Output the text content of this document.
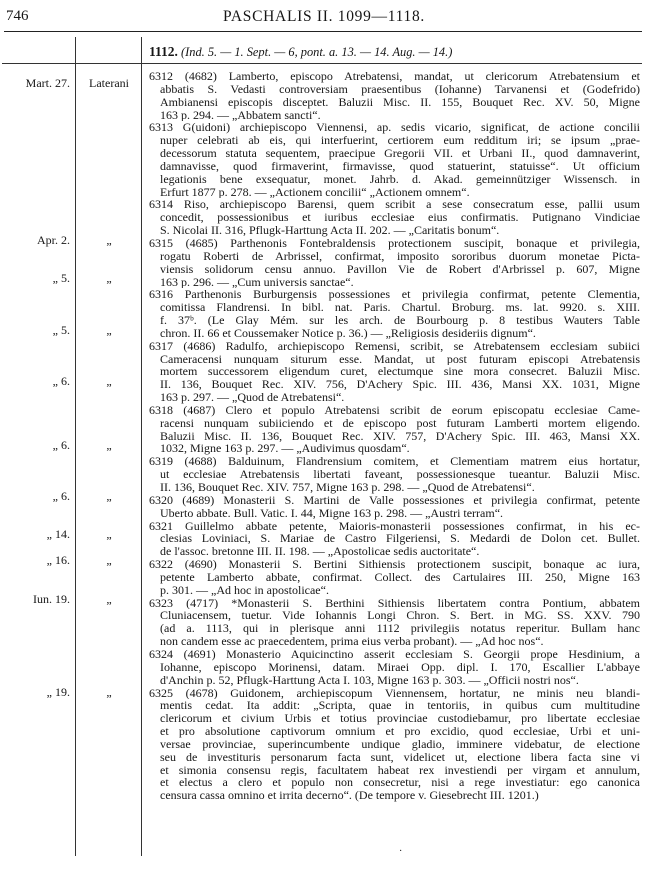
746	PASCHALIS II. 1099—1118.
1112. (Ind. 5. — 1. Sept. — 6, pont. a. 13. — 14. Aug. — 14.)
Mart. 27.
Apr. 2.
„ 5.
„ 5.
„ 6.
„ 6.
„ 6.
„ 14.
„ 16.
Iun. 19.
„ 19.
Laterani
„
„
„
„
„
„
„
„
„
„
6312 (4682) Lamberto, episcopo Atrebatensi, mandat, ut clericorum Atrebatensium et
abbatis S. Vedasti controversiam praesentibus (Iohanne) Tarvanensi et (Godefrido)
Ambianensi episcopis disceptet. Baluzii Misc. II. 155, Bouquet Rec. XV. 50, Migne
163 p. 294. — „Abbatem sancti“.
6313 G(uidoni) archiepiscopo Viennensi, ap. sedis vicario, significat, de actione concilii
nuper celebrati ab eis, qui interfuerint, certiorem eum redditum iri; se ipsum „prae-
decessorum statuta sequentem, praecipue Gregorii VII. et Urbani II., quod damnaverint,
damnavisse, quod firmaverint, firmavisse, quod statuerint, statuisse“. Ut officium
legationis bene exsequatur, monet. Jahrb. d. Akad. gemeinnütziger Wissensch. in
Erfurt 1877 p. 278. — „Actionem concilii“ „Actionem omnem“.
6314 Riso, archiepiscopo Barensi, quem scribit a sese consecratum esse, pallii usum
concedit, possessionibus et iuribus ecclesiae eius confirmatis. Putignano Vindiciae
S. Nicolai II. 316, Pflugk-Harttung Acta II. 202. — „Caritatis bonum“.
6315 (4685) Parthenonis Fontebraldensis protectionem suscipit, bonaque et privilegia,
rogatu Roberti de Arbrissel, confirmat, imposito sororibus duorum monetae Picta-
viensis solidorum censu annuo. Pavillon Vie de Robert d'Arbrissel p. 607, Migne
163 p. 296. — „Cum universis sanctae“.
6316 Parthenonis Burburgensis possessiones et privilegia confirmat, petente Clementia,
comitissa Flandrensi. In bibl. nat. Paris. Chartul. Broburg. ms. lat. 9920. s. XIII.
f. 37ᵇ. (Le Glay Mém. sur les arch. de Bourbourg p. 8 testibus Wauters Table
chron. II. 66 et Coussemaker Notice p. 36.) — „Religiosis desideriis dignum“.
6317 (4686) Radulfo, archiepiscopo Remensi, scribit, se Atrebatensem ecclesiam subiici
Cameracensi nunquam siturum esse. Mandat, ut post futuram episcopi Atrebatensis
mortem successorem eligendum curet, electumque sine mora consecret. Baluzii Misc.
II. 136, Bouquet Rec. XIV. 756, D'Achery Spic. III. 436, Mansi XX. 1031, Migne
163 p. 297. — „Quod de Atrebatensi“.
6318 (4687) Clero et populo Atrebatensi scribit de eorum episcopatu ecclesiae Came-
racensi nunquam subiiciendo et de episcopo post futuram Lamberti mortem eligendo.
Baluzii Misc. II. 136, Bouquet Rec. XIV. 757, D'Achery Spic. III. 463, Mansi XX.
1032, Migne 163 p. 297. — „Audivimus quosdam“.
6319 (4688) Balduinum, Flandrensium comitem, et Clementiam matrem eius hortatur,
ut ecclesiae Atrebatensis libertati faveant, possessionesque tueantur. Baluzii Misc.
II. 136, Bouquet Rec. XIV. 757, Migne 163 p. 298. — „Quod de Atrebatensi“.
6320 (4689) Monasterii S. Martini de Valle possessiones et privilegia confirmat, petente
Uberto abbate. Bull. Vatic. I. 44, Migne 163 p. 298. — „Austri terram“.
6321 Guillelmo abbate petente, Maioris-monasterii possessiones confirmat, in his ec-
clesias Loviniaci, S. Mariae de Castro Filgeriensi, S. Medardi de Dolon cet. Bullet.
de l'assoc. bretonne III. II. 198. — „Apostolicae sedis auctoritate“.
6322 (4690) Monasterii S. Bertini Sithiensis protectionem suscipit, bonaque ac iura,
petente Lamberto abbate, confirmat. Collect. des Cartulaires III. 250, Migne 163
p. 301. — „Ad hoc in apostolicae“.
6323 (4717) *Monasterii S. Berthini Sithiensis libertatem contra Pontium, abbatem
Cluniacensem, tuetur. Vide Iohannis Longi Chron. S. Bert. in MG. SS. XXV. 790
(ad a. 1113, qui in plerisque anni 1112 privilegiis notatus reperitur. Bullam hanc
non candem esse ac praecedentem, prima eius verba probant). — „Ad hoc nos“.
6324 (4691) Monasterio Aquicinctino asserit ecclesiam S. Georgii prope Hesdinium, a
Iohanne, episcopo Morinensi, datam. Miraei Opp. dipl. I. 170, Escallier L'abbaye
d'Anchin p. 52, Pflugk-Harttung Acta I. 103, Migne 163 p. 303. — „Officii nostri nos“.
6325 (4678) Guidonem, archiepiscopum Viennensem, hortatur, ne minis neu blandi-
mentis cedat. Ita addit: „Scripta, quae in tentoriis, in quibus cum multitudine
clericorum et civium Urbis et totius provinciae custodiebamur, pro libertate ecclesiae
et pro absolutione captivorum omnium et pro excidio, quod ecclesiae, Urbi et uni-
versae provinciae, superincumbente undique gladio, imminere videbatur, de electione
seu de investituris personarum facta sunt, videlicet ut, electione libera facta sine vi
et simonia consensu regis, facultatem habeat rex investiendi per virgam et annulum,
et electus a clero et populo non consecretur, nisi a rege investiatur: ego canonica
censura cassa omnino et irrita decerno“. (De tempore v. Giesebrecht III. 1201.)
·
